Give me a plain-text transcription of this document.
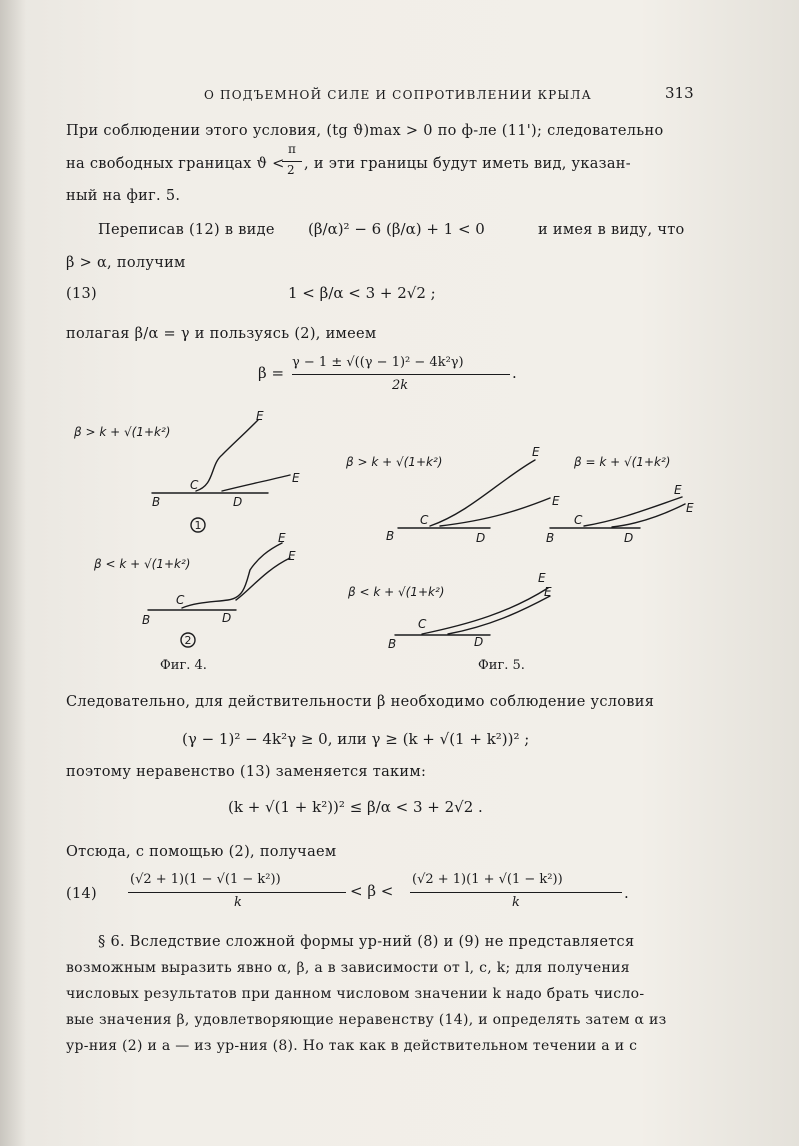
О ПОДЪЕМНОЙ СИЛЕ И СОПРОТИВЛЕНИИ КРЫЛА	313
При соблюдении этого условия, (tg ϑ)max > 0 по ф-ле (11'); следовательно
на свободных границах ϑ <
π
2 , и эти границы будут иметь вид, указан-
ный на фиг. 5.
Переписав (12) в виде (β/α)² − 6 (β/α) + 1 < 0	и имея в виду, что
β > α, получим
(13)	1 < β/α < 3 + 2√2 ;
полагая β/α = γ и пользуясь (2), имеем
β =
γ − 1 ± √((γ − 1)² − 4k²γ)
2k
.
β > k + √(1+k²)
β < k + √(1+k²)
β > k + √(1+k²)	β = k + √(1+k²)
β < k + √(1+k²)
B
C
D
E
E
B
C
D
E
E
B
C
D
E
E
B
C
D
E
E
B
C
D
E
E
1
2
Фиг. 4.	Фиг. 5.
Следовательно, для действительности β необходимо соблюдение условия
(γ − 1)² − 4k²γ ≥ 0, или γ ≥ (k + √(1 + k²))² ;
поэтому неравенство (13) заменяется таким:
(k + √(1 + k²))² ≤ β/α < 3 + 2√2 .
Отсюда, с помощью (2), получаем
(14)
(√2 + 1)(1 − √(1 − k²))
k
< β <
(√2 + 1)(1 + √(1 − k²))
k
.
§ 6. Вследствие сложной формы ур-ний (8) и (9) не представляется
возможным выразить явно α, β, a в зависимости от l, c, k; для получения
числовых результатов при данном числовом значении k надо брать число-
вые значения β, удовлетворяющие неравенству (14), и определять затем α из
ур-ния (2) и a — из ур-ния (8). Но так как в действительном течении a и c
